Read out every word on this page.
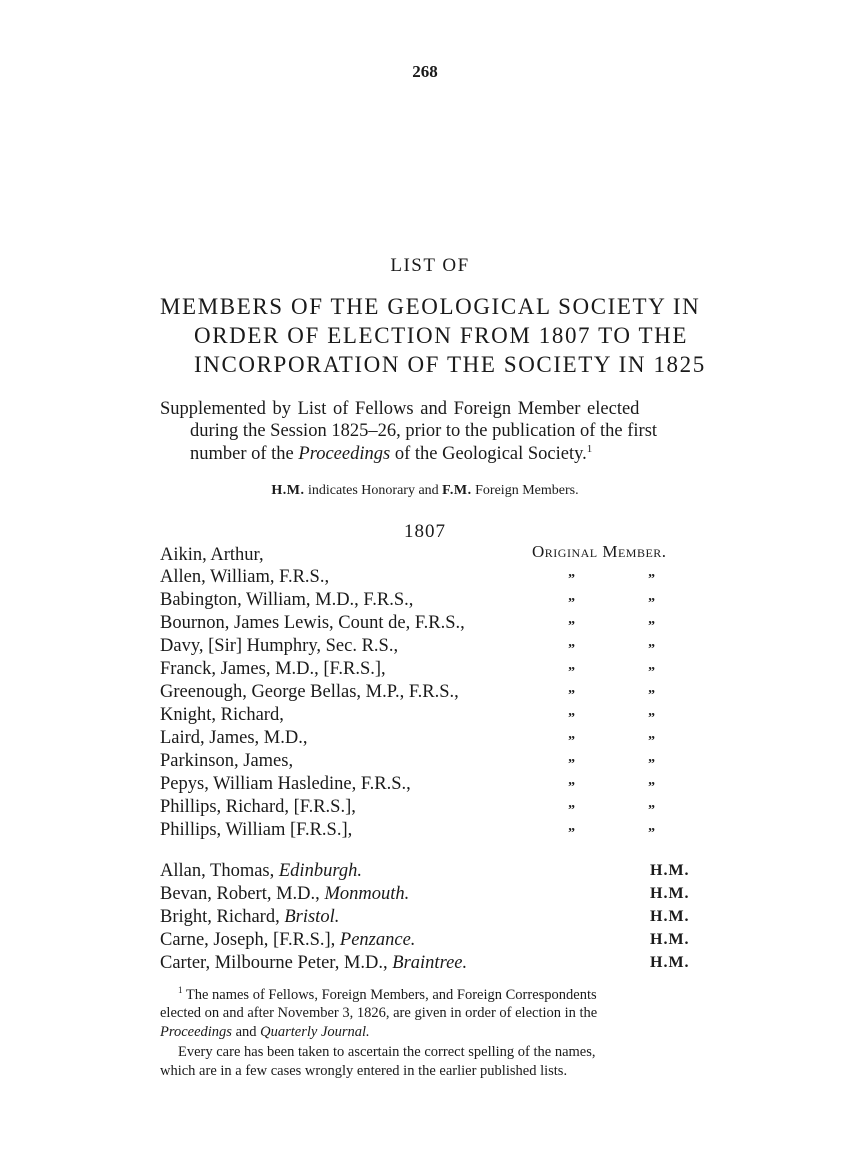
268
LIST OF
MEMBERS OF THE GEOLOGICAL SOCIETY IN
ORDER OF ELECTION FROM 1807 TO THE
INCORPORATION OF THE SOCIETY IN 1825
Supplemented by List of Fellows and Foreign Member elected
during the Session 1825–26, prior to the publication of the first
number of the Proceedings of the Geological Society.$^1$
H.M. indicates Honorary and F.M. Foreign Members.
1807
Original Member.
Aikin, Arthur,
Allen, William, F.R.S.,	”	”
Babington, William, M.D., F.R.S.,	”	”
Bournon, James Lewis, Count de, F.R.S.,	”	”
Davy, [Sir] Humphry, Sec. R.S.,	”	”
Franck, James, M.D., [F.R.S.],	”	”
Greenough, George Bellas, M.P., F.R.S.,	”	”
Knight, Richard,	”	”
Laird, James, M.D.,	”	”
Parkinson, James,	”	”
Pepys, William Hasledine, F.R.S.,	”	”
Phillips, Richard, [F.R.S.],	”	”
Phillips, William [F.R.S.],	”	”
Allan, Thomas, Edinburgh.	H.M.
Bevan, Robert, M.D., Monmouth.	H.M.
Bright, Richard, Bristol.	H.M.
Carne, Joseph, [F.R.S.], Penzance.	H.M.
Carter, Milbourne Peter, M.D., Braintree.	H.M.
$^1$ The names of Fellows, Foreign Members, and Foreign Correspondents
elected on and after November 3, 1826, are given in order of election in the
Proceedings and Quarterly Journal.
Every care has been taken to ascertain the correct spelling of the names,
which are in a few cases wrongly entered in the earlier published lists.
